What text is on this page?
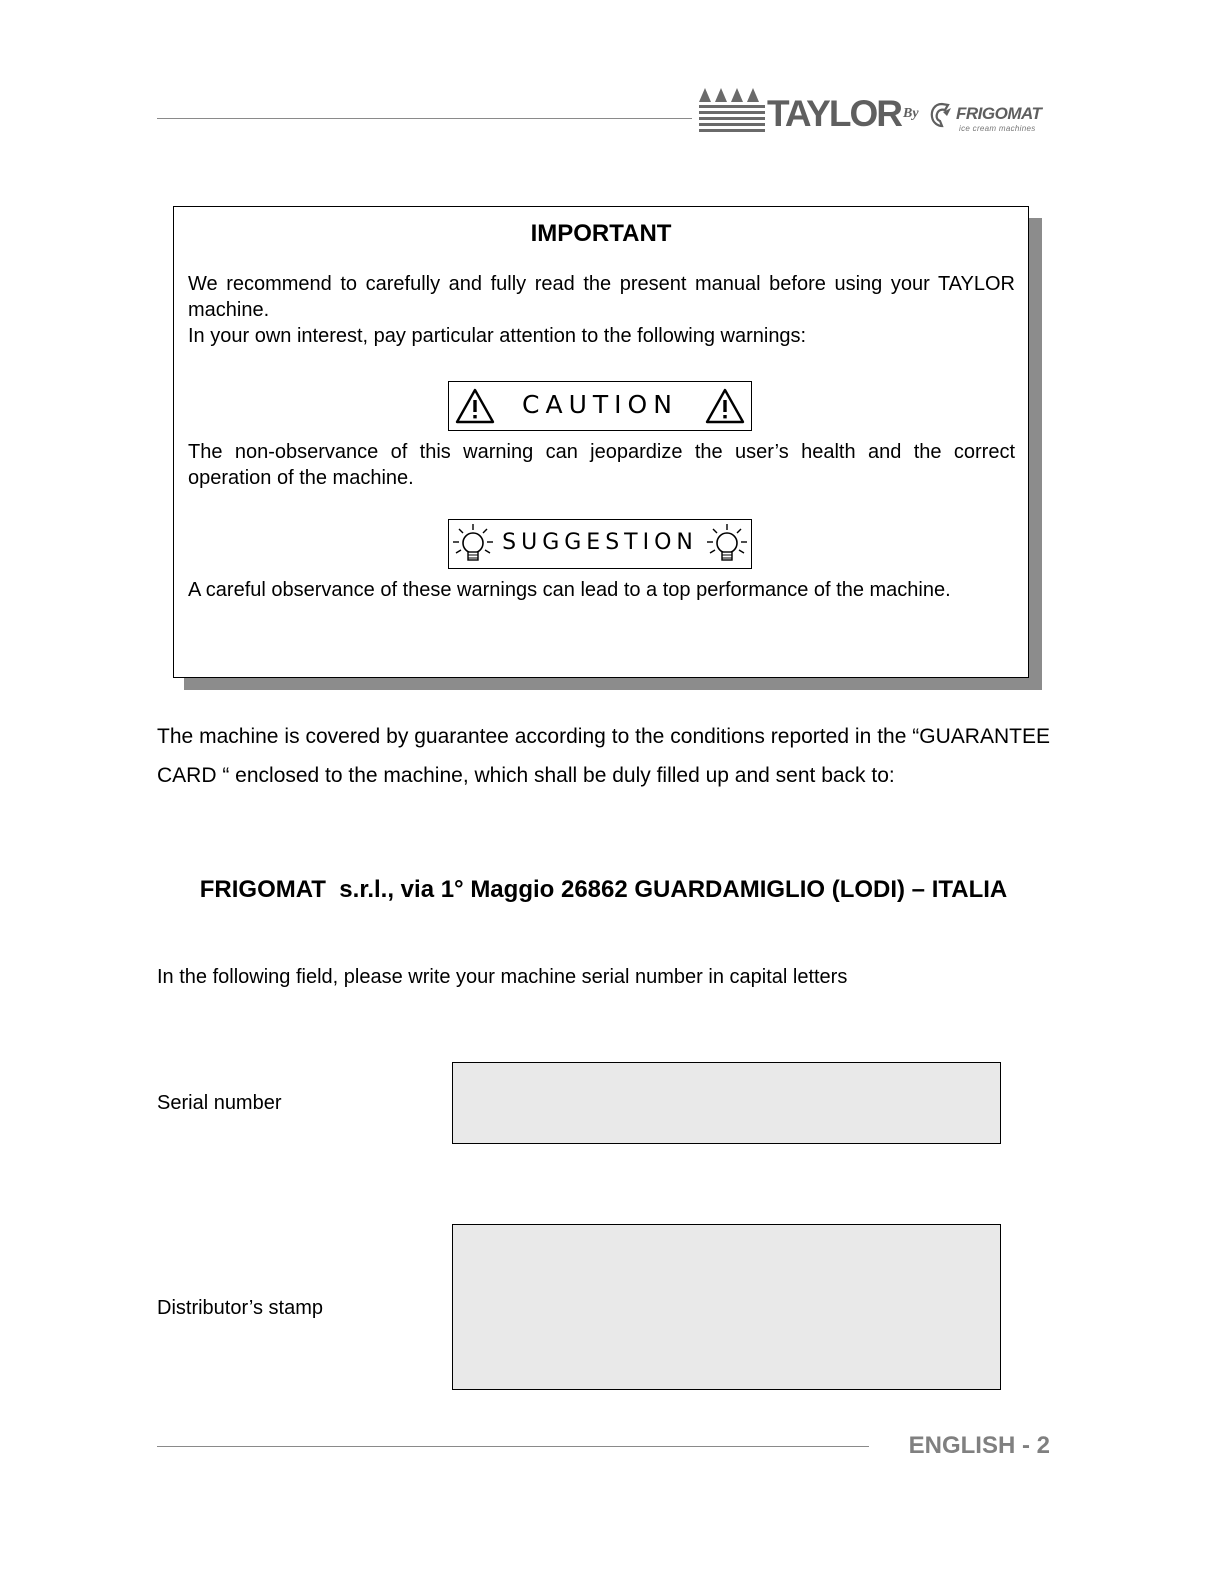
TAYLOR By FRIGOMAT
ice cream machines
IMPORTANT
We recommend to carefully and fully read the present manual before using your TAYLOR machine.
In your own interest, pay particular attention to the following warnings:
CAUTION
The non-observance of this warning can jeopardize the user’s health and the correct operation of the machine.
SUGGESTION
A careful observance of these warnings can lead to a top performance of the machine.
The machine is covered by guarantee according to the conditions reported in the “GUARANTEE CARD “ enclosed to the machine, which shall be duly filled up and sent back to:
FRIGOMAT  s.r.l., via 1° Maggio 26862 GUARDAMIGLIO (LODI) – ITALIA
In the following field, please write your machine serial number in capital letters
Serial number
Distributor’s stamp
ENGLISH - 2
